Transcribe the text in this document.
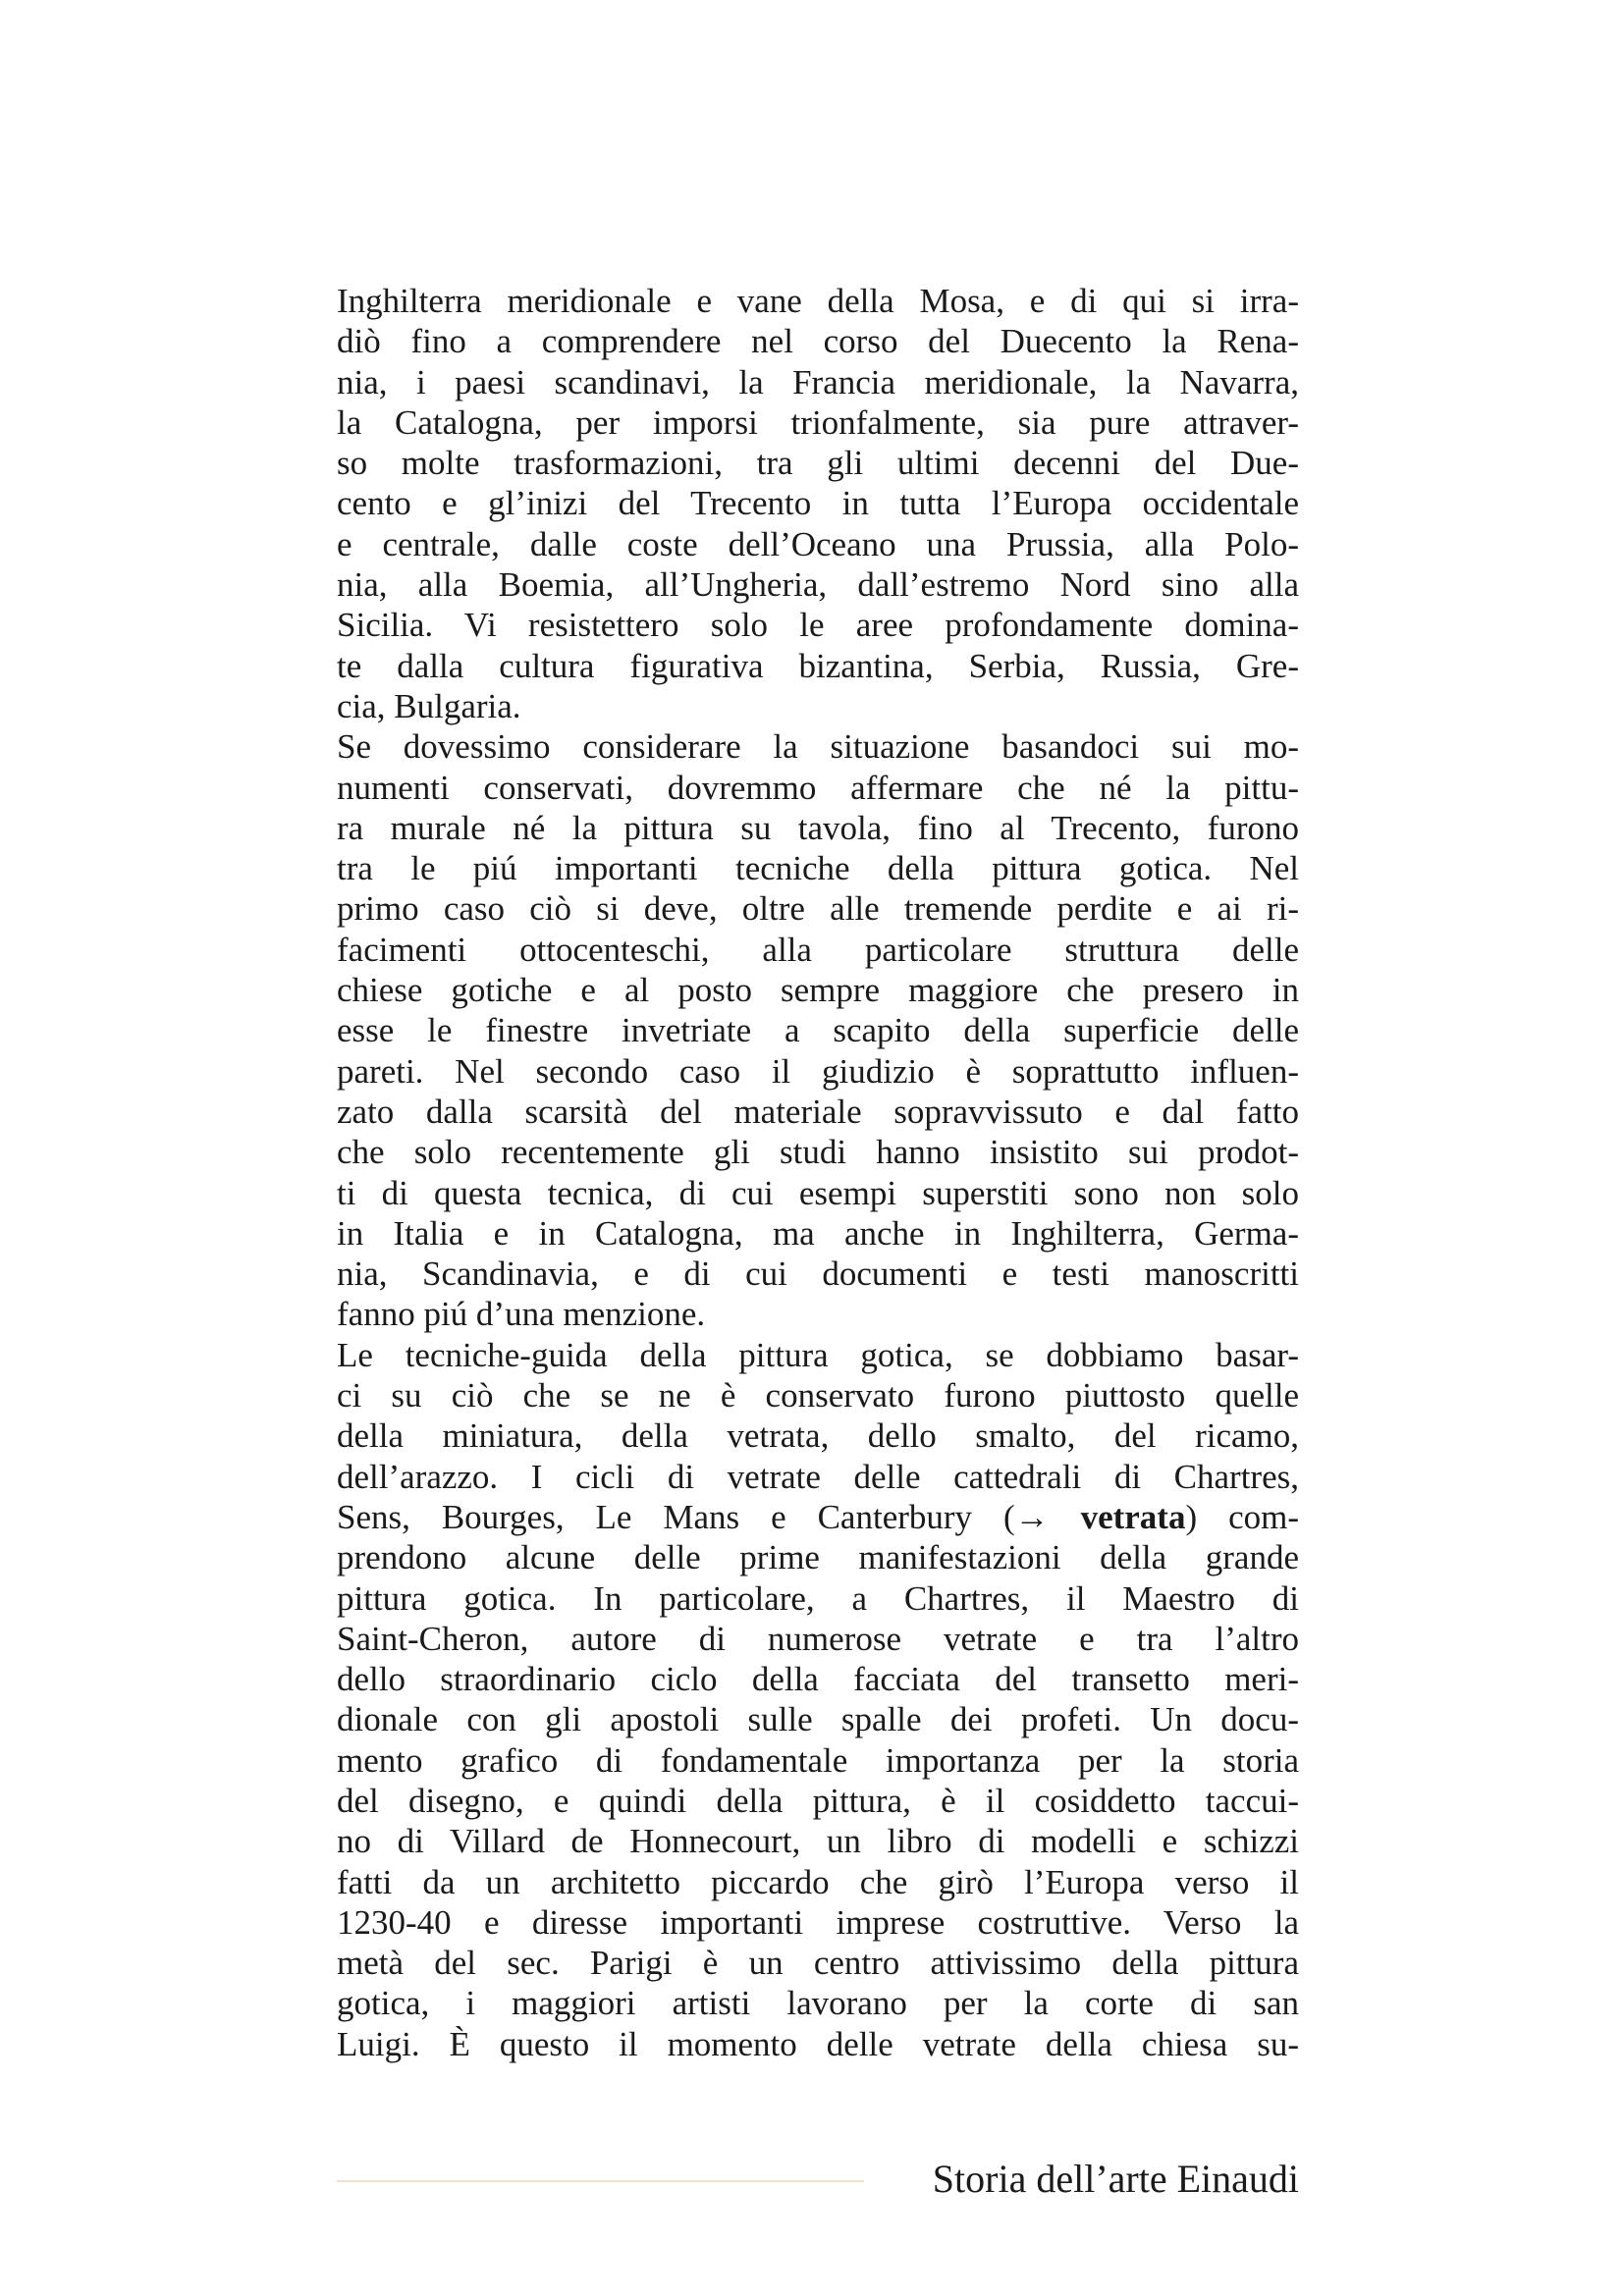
Inghilterra meridionale e vane della Mosa, e di qui si irra-
diò fino a comprendere nel corso del Duecento la Rena-
nia, i paesi scandinavi, la Francia meridionale, la Navarra,
la Catalogna, per imporsi trionfalmente, sia pure attraver-
so molte trasformazioni, tra gli ultimi decenni del Due-
cento e gl’inizi del Trecento in tutta l’Europa occidentale
e centrale, dalle coste dell’Oceano una Prussia, alla Polo-
nia, alla Boemia, all’Ungheria, dall’estremo Nord sino alla
Sicilia. Vi resistettero solo le aree profondamente domina-
te dalla cultura figurativa bizantina, Serbia, Russia, Gre-
cia, Bulgaria.
Se dovessimo considerare la situazione basandoci sui mo-
numenti conservati, dovremmo affermare che né la pittu-
ra murale né la pittura su tavola, fino al Trecento, furono
tra le piú importanti tecniche della pittura gotica. Nel
primo caso ciò si deve, oltre alle tremende perdite e ai ri-
facimenti ottocenteschi, alla particolare struttura delle
chiese gotiche e al posto sempre maggiore che presero in
esse le finestre invetriate a scapito della superficie delle
pareti. Nel secondo caso il giudizio è soprattutto influen-
zato dalla scarsità del materiale sopravvissuto e dal fatto
che solo recentemente gli studi hanno insistito sui prodot-
ti di questa tecnica, di cui esempi superstiti sono non solo
in Italia e in Catalogna, ma anche in Inghilterra, Germa-
nia, Scandinavia, e di cui documenti e testi manoscritti
fanno piú d’una menzione.
Le tecniche-guida della pittura gotica, se dobbiamo basar-
ci su ciò che se ne è conservato furono piuttosto quelle
della miniatura, della vetrata, dello smalto, del ricamo,
dell’arazzo. I cicli di vetrate delle cattedrali di Chartres,
Sens, Bourges, Le Mans e Canterbury (→ vetrata) com-
prendono alcune delle prime manifestazioni della grande
pittura gotica. In particolare, a Chartres, il Maestro di
Saint-Cheron, autore di numerose vetrate e tra l’altro
dello straordinario ciclo della facciata del transetto meri-
dionale con gli apostoli sulle spalle dei profeti. Un docu-
mento grafico di fondamentale importanza per la storia
del disegno, e quindi della pittura, è il cosiddetto taccui-
no di Villard de Honnecourt, un libro di modelli e schizzi
fatti da un architetto piccardo che girò l’Europa verso il
1230-40 e diresse importanti imprese costruttive. Verso la
metà del sec. Parigi è un centro attivissimo della pittura
gotica, i maggiori artisti lavorano per la corte di san
Luigi. È questo il momento delle vetrate della chiesa su-
Storia dell’arte Einaudi
